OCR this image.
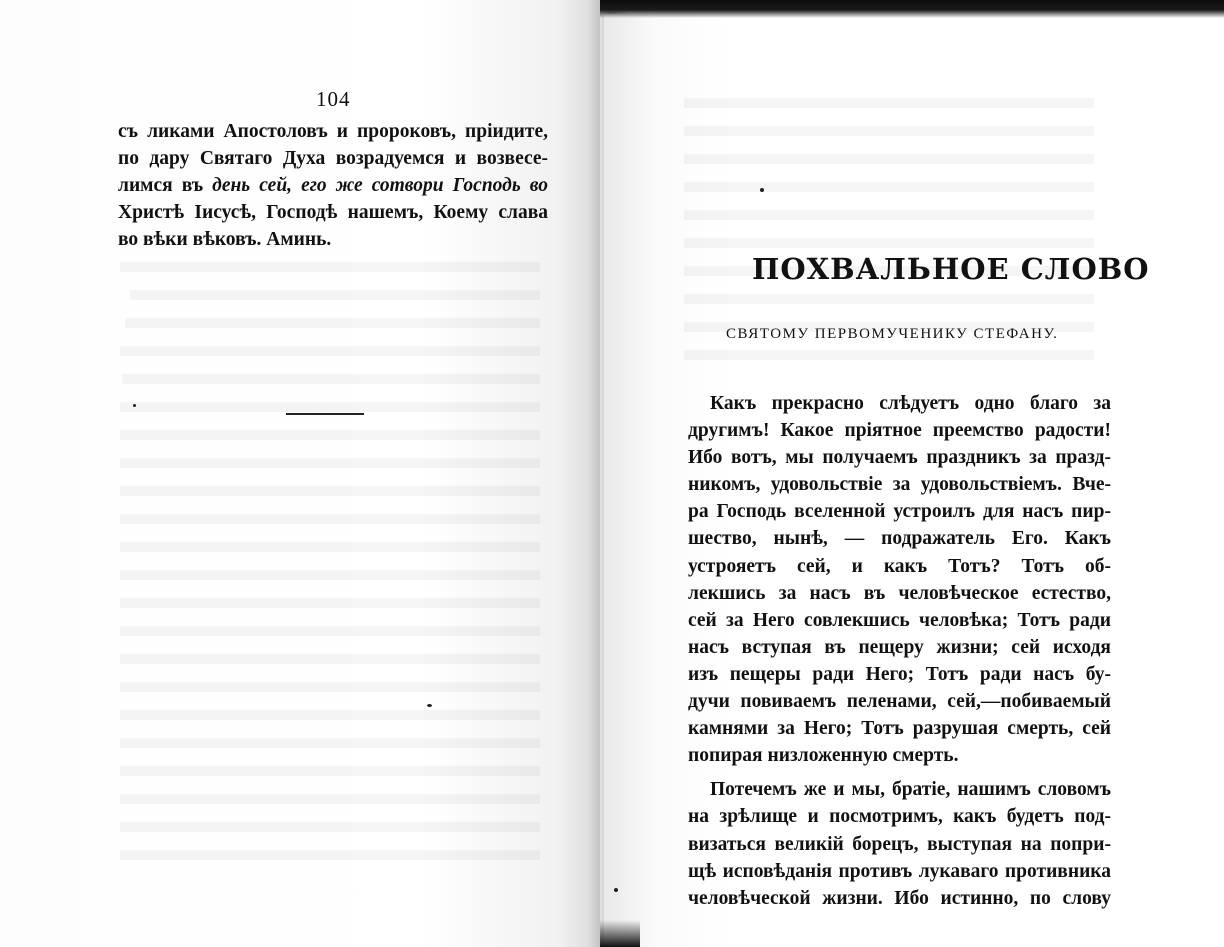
104
съ ликами Апостоловъ и пророковъ, пріидите,
по дару Святаго Духа возрадуемся и возвесе-
лимся въ день сей, его же сотвори Господь во
Христѣ Іисусѣ, Господѣ нашемъ, Коему слава
во вѣки вѣковъ. Аминь.
ПОХВАЛЬНОЕ СЛОВО
СВЯТОМУ ПЕРВОМУЧЕНИКУ СТЕФАНУ.
Какъ прекрасно слѣдуетъ одно благо за
другимъ! Какое пріятное преемство радости!
Ибо вотъ, мы получаемъ праздникъ за празд-
никомъ, удовольствіе за удовольствіемъ. Вче-
ра Господь вселенной устроилъ для насъ пир-
шество, нынѣ, — подражатель Его. Какъ
устрояетъ сей, и какъ Тотъ? Тотъ об-
лекшись за насъ въ человѣческое естество,
сей за Него совлекшись человѣка; Тотъ ради
насъ вступая въ пещеру жизни; сей исходя
изъ пещеры ради Него; Тотъ ради насъ бу-
дучи повиваемъ пеленами, сей,—побиваемый
камнями за Него; Тотъ разрушая смерть, сей
попирая низложенную смерть.
Потечемъ же и мы, братіе, нашимъ словомъ
на зрѣлище и посмотримъ, какъ будетъ под-
визаться великій борецъ, выступая на попри-
щѣ исповѣданія противъ лукаваго противника
человѣческой жизни. Ибо истинно, по слову
